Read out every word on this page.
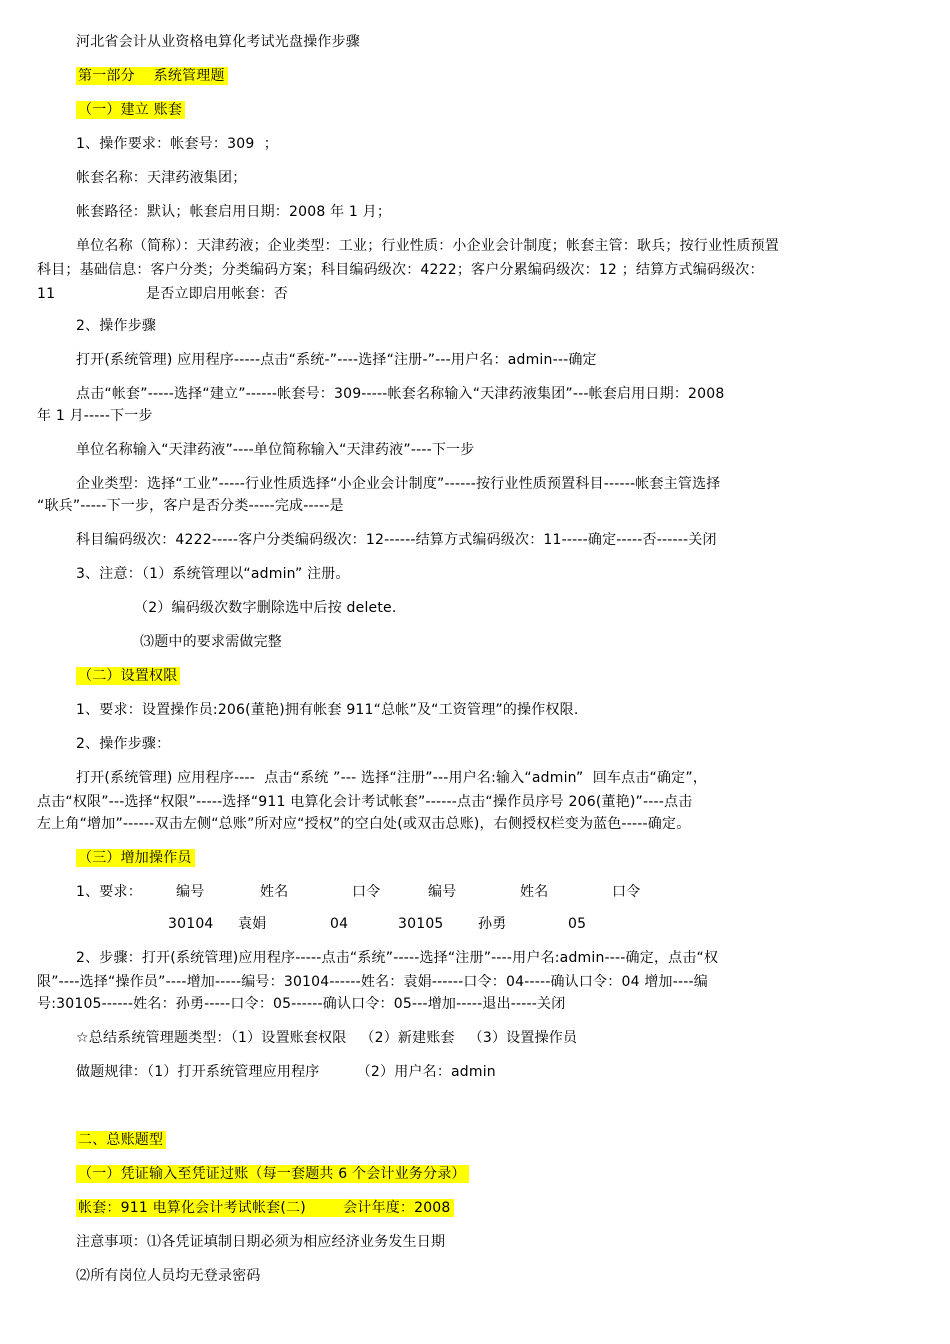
河北省会计从业资格电算化考试光盘操作步骤
第一部分　 系统管理题
（一）建立 账套
1、操作要求：帐套号：309  ；
帐套名称：天津药液集团；
帐套路径：默认；帐套启用日期：2008 年 1 月；
单位名称（简称）：天津药液；企业类型：工业；行业性质：小企业会计制度；帐套主管：耿兵；按行业性质预置
科目；基础信息：客户分类；分类编码方案；科目编码级次：4222；客户分累编码级次：12 ；结算方式编码级次：
11	是否立即启用帐套：否
2、操作步骤
打开(系统管理) 应用程序-----点击“系统-”----选择“注册-”---用户名：admin---确定
点击“帐套”-----选择“建立”------帐套号：309-----帐套名称输入“天津药液集团”---帐套启用日期：2008
年 1 月-----下一步
单位名称输入“天津药液”----单位简称输入“天津药液”----下一步
企业类型：选择“工业”-----行业性质选择“小企业会计制度”------按行业性质预置科目------帐套主管选择
“耿兵”-----下一步，客户是否分类-----完成-----是
科目编码级次：4222-----客户分类编码级次：12------结算方式编码级次：11-----确定-----否------关闭
3、注意：（1）系统管理以“admin” 注册。
（2）编码级次数字删除选中后按 delete.
⑶题中的要求需做完整
（二）设置权限
1、要求：设置操作员:206(董艳)拥有帐套 911“总帐”及“工资管理”的操作权限.
2、操作步骤：
打开(系统管理) 应用程序----  点击“系统 ”--- 选择“注册”---用户名:输入“admin”  回车点击“确定”，
点击“权限”---选择“权限”-----选择“911 电算化会计考试帐套”------点击“操作员序号 206(董艳)”----点击
左上角“增加”------双击左侧“总账”所对应“授权”的空白处(或双击总账)，右侧授权栏变为蓝色-----确定。
（三）增加操作员
1、要求： 编号	姓名	口令	编号	姓名	口令
30104 袁娟	04	30105 孙勇	05
2、步骤：打开(系统管理)应用程序-----点击“系统”-----选择“注册”----用户名:admin----确定，点击“权
限”----选择“操作员”----增加-----编号：30104------姓名：袁娟------口令：04-----确认口令：04 增加----编
号:30105------姓名：孙勇-----口令：05------确认口令：05---增加-----退出-----关闭
☆总结系统管理题类型：（1）设置账套权限   （2）新建账套   （3）设置操作员
做题规律：（1）打开系统管理应用程序        （2）用户名：admin
二、总账题型
（一）凭证输入至凭证过账（每一套题共 6 个会计业务分录）
帐套：911 电算化会计考试帐套(二)        会计年度：2008
注意事项：⑴各凭证填制日期必须为相应经济业务发生日期
⑵所有岗位人员均无登录密码
